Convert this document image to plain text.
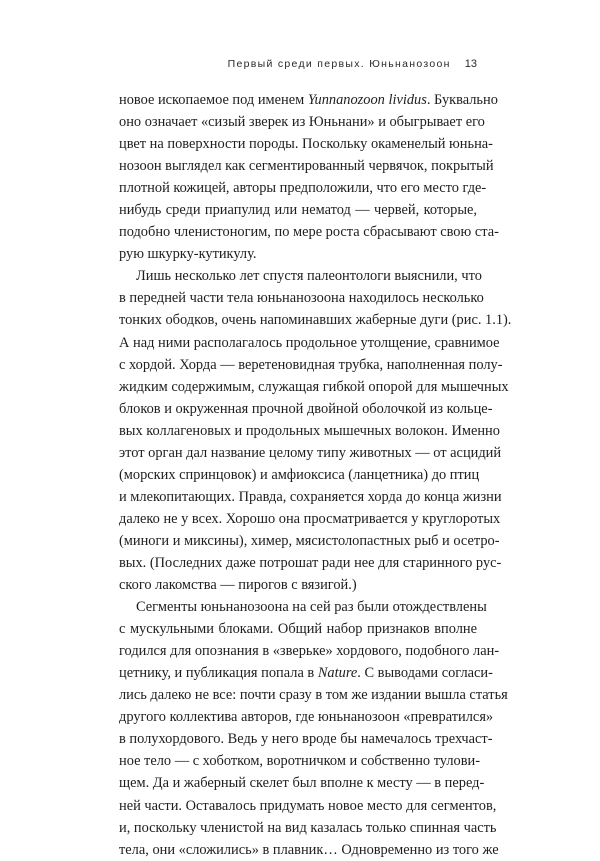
Первый среди первых. Юньнанозоон 13
новое ископаемое под именем Yunnanozoon lividus. Буквально
оно означает «сизый зверек из Юньнани» и обыгрывает его
цвет на поверхности породы. Поскольку окаменелый юньна-
нозоон выглядел как сегментированный червячок, покрытый
плотной кожицей, авторы предположили, что его место где-
нибудь среди приапулид или нематод — червей, которые,
подобно членистоногим, по мере роста сбрасывают свою ста-
рую шкурку-кутикулу.
Лишь несколько лет спустя палеонтологи выяснили, что
в передней части тела юньнанозоона находилось несколько
тонких ободков, очень напоминавших жаберные дуги (рис. 1.1).
А над ними располагалось продольное утолщение, сравнимое
с хордой. Хорда — веретеновидная трубка, наполненная полу-
жидким содержимым, служащая гибкой опорой для мышечных
блоков и окруженная прочной двойной оболочкой из кольце-
вых коллагеновых и продольных мышечных волокон. Именно
этот орган дал название целому типу животных — от асцидий
(морских спринцовок) и амфиоксиса (ланцетника) до птиц
и млекопитающих. Правда, сохраняется хорда до конца жизни
далеко не у всех. Хорошо она просматривается у круглоротых
(миноги и миксины), химер, мясистолопастных рыб и осетро-
вых. (Последних даже потрошат ради нее для старинного рус-
ского лакомства — пирогов с вязигой.)
Сегменты юньнанозоона на сей раз были отождествлены
с мускульными блоками. Общий набор признаков вполне
годился для опознания в «зверьке» хордового, подобного лан-
цетнику, и публикация попала в Nature. С выводами согласи-
лись далеко не все: почти сразу в том же издании вышла статья
другого коллектива авторов, где юньнанозоон «превратился»
в полухордового. Ведь у него вроде бы намечалось трехчаст-
ное тело — с хоботком, воротничком и собственно тулови-
щем. Да и жаберный скелет был вполне к месту — в перед-
ней части. Оставалось придумать новое место для сегментов,
и, поскольку членистой на вид казалась только спинная часть
тела, они «сложились» в плавник… Одновременно из того же
